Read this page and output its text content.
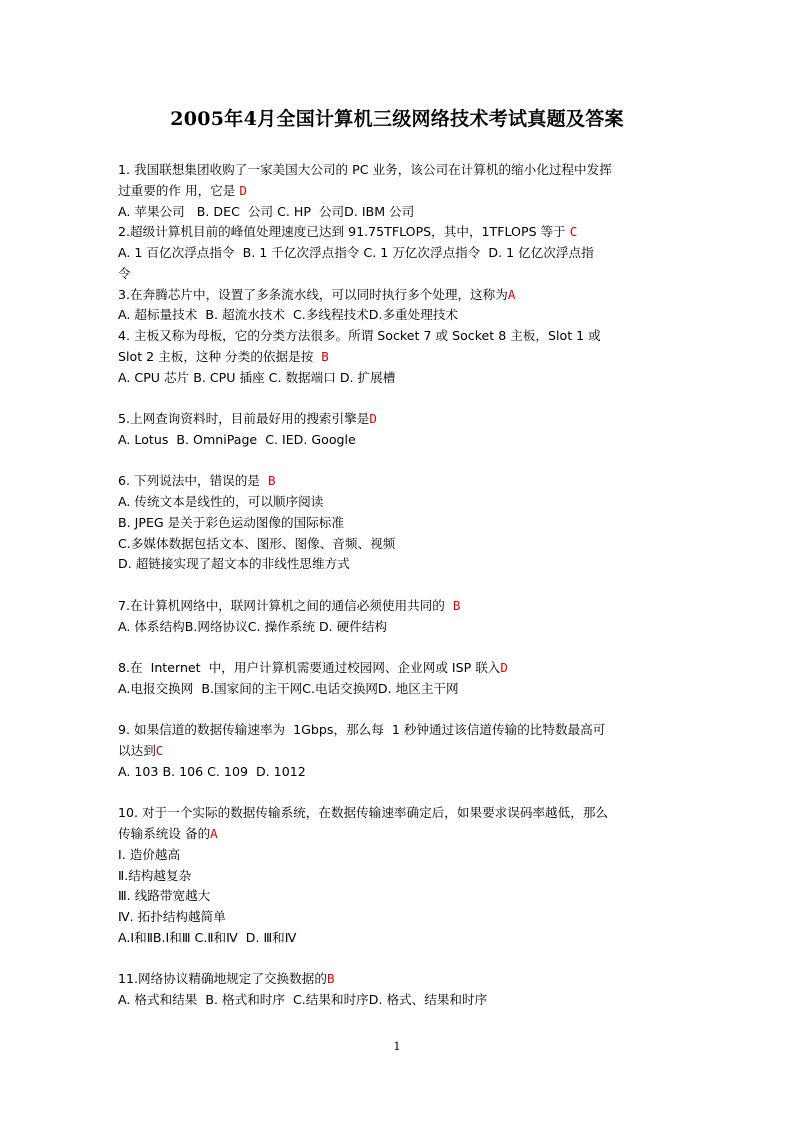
2005年4月全国计算机三级网络技术考试真题及答案
1. 我国联想集团收购了一家美国大公司的 PC 业务，该公司在计算机的缩小化过程中发挥
过重要的作 用，它是 D
A. 苹果公司   B. DEC  公司 C. HP  公司D. IBM 公司
2.超级计算机目前的峰值处理速度已达到 91.75TFLOPS，其中，1TFLOPS 等于 C
A. 1 百亿次浮点指令  B. 1 千亿次浮点指令 C. 1 万亿次浮点指令  D. 1 亿亿次浮点指
令
3.在奔腾芯片中，设置了多条流水线，可以同时执行多个处理，这称为A
A. 超标量技术  B. 超流水技术  C.多线程技术D.多重处理技术
4. 主板又称为母板，它的分类方法很多。所谓 Socket 7 或 Socket 8 主板，Slot 1 或
Slot 2 主板，这种 分类的依据是按  B
A. CPU 芯片 B. CPU 插座 C. 数据端口 D. 扩展槽
5.上网查询资料时，目前最好用的搜索引擎是D
A. Lotus  B. OmniPage  C. IED. Google
6. 下列说法中，错误的是  B
A. 传统文本是线性的，可以顺序阅读
B. JPEG 是关于彩色运动图像的国际标准
C.多媒体数据包括文本、图形、图像、音频、视频
D. 超链接实现了超文本的非线性思维方式
7.在计算机网络中，联网计算机之间的通信必须使用共同的  B
A. 体系结构B.网络协议C. 操作系统 D. 硬件结构
8.在  Internet  中，用户计算机需要通过校园网、企业网或 ISP 联入D
A.电报交换网  B.国家间的主干网C.电话交换网D. 地区主干网
9. 如果信道的数据传输速率为  1Gbps，那么每  1 秒钟通过该信道传输的比特数最高可
以达到C
A. 103 B. 106 C. 109  D. 1012
10. 对于一个实际的数据传输系统，在数据传输速率确定后，如果要求误码率越低，那么
传输系统设 备的A
Ⅰ. 造价越高
Ⅱ.结构越复杂
Ⅲ. 线路带宽越大
Ⅳ. 拓扑结构越简单
A.Ⅰ和ⅡB.Ⅰ和Ⅲ C.Ⅱ和Ⅳ  D. Ⅲ和Ⅳ
11.网络协议精确地规定了交换数据的B
A. 格式和结果  B. 格式和时序  C.结果和时序D. 格式、结果和时序
1
